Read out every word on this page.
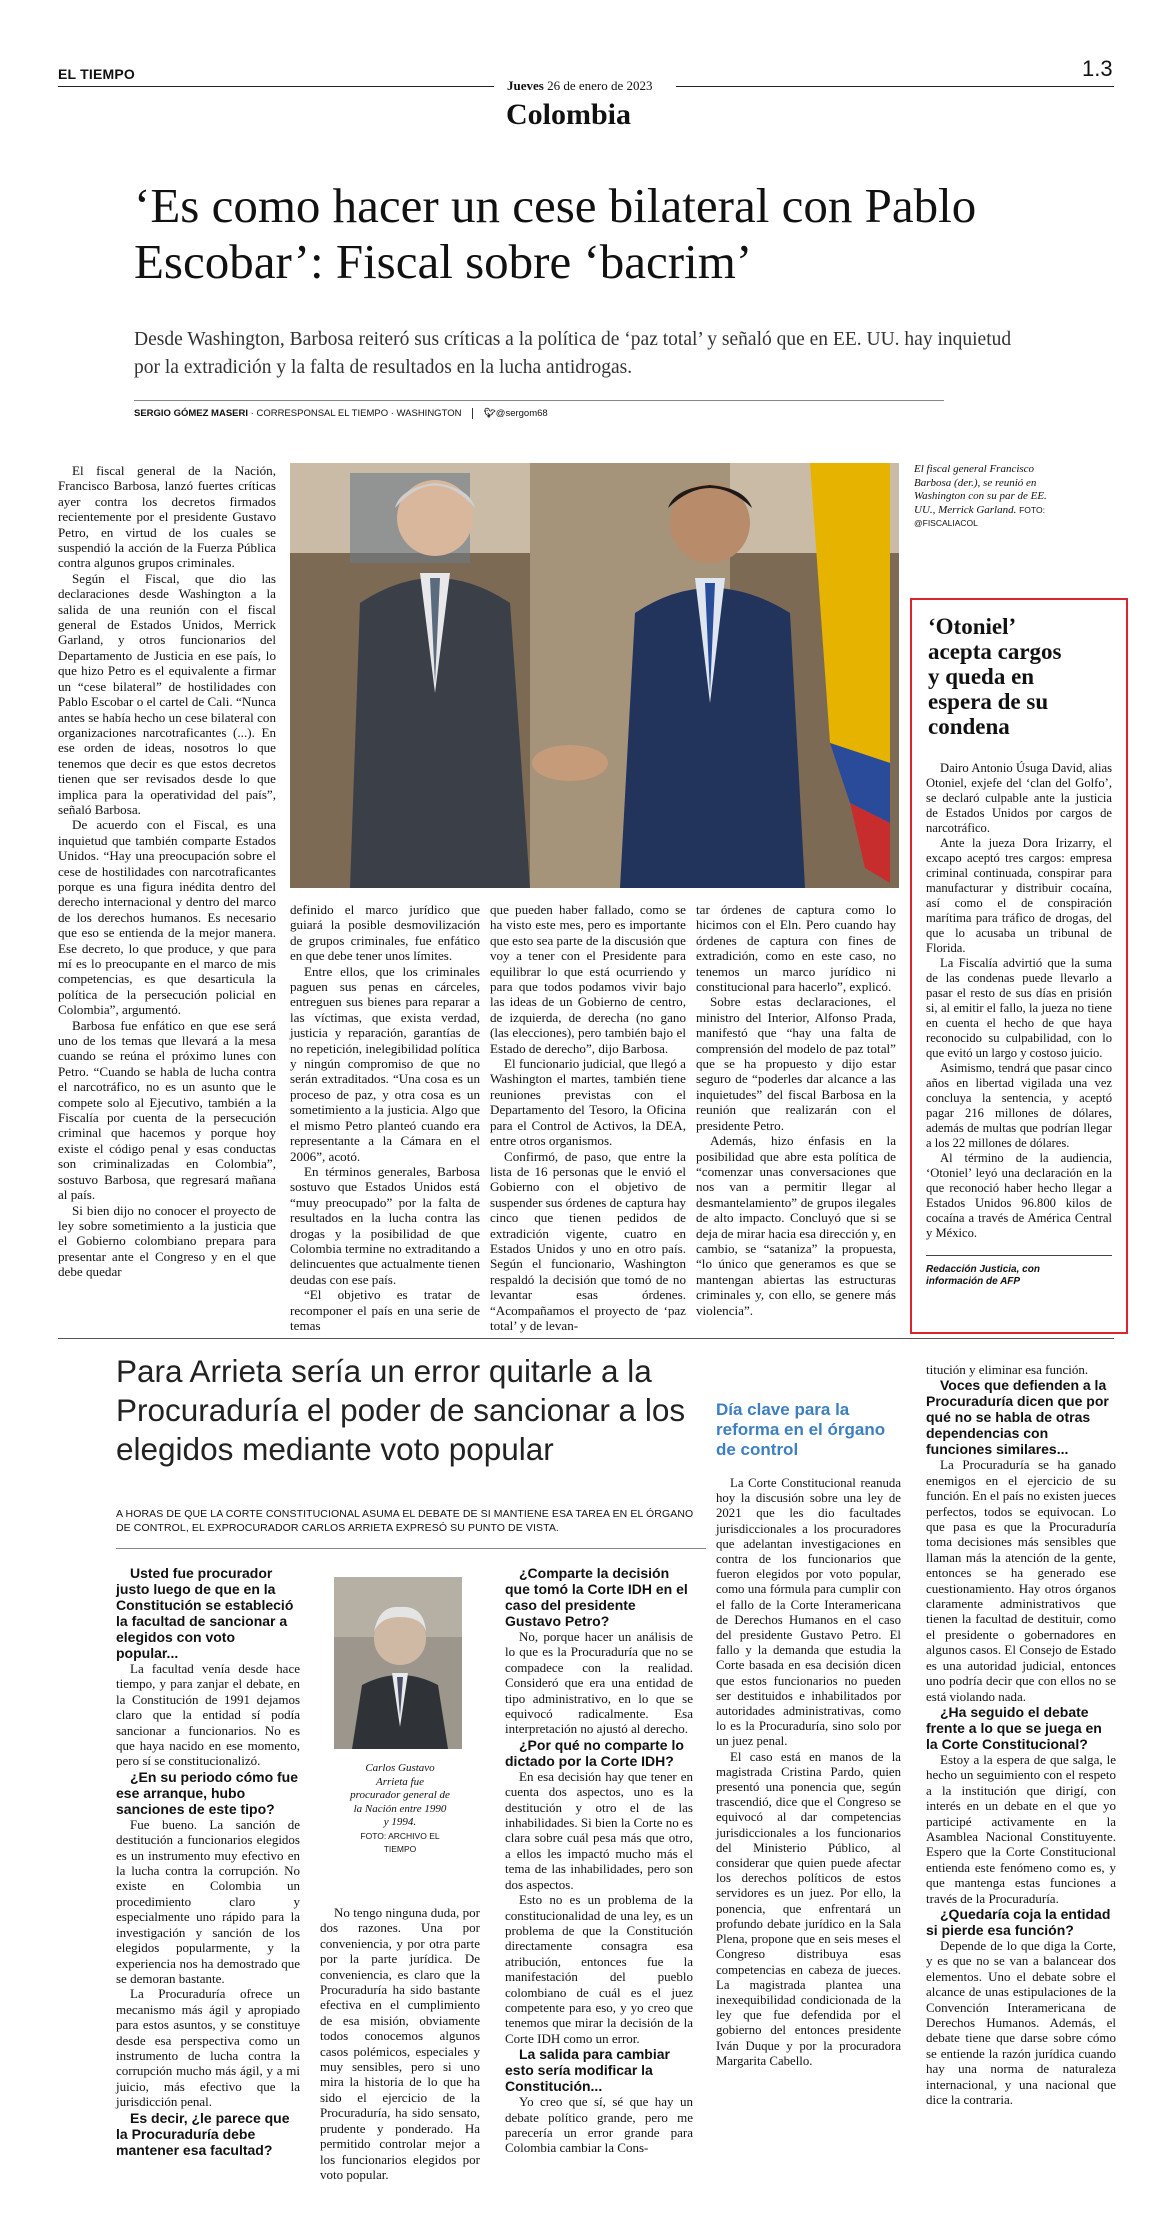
EL TIEMPO	1.3
Jueves 26 de enero de 2023
Colombia
‘Es como hacer un cese bilateral con Pablo Escobar’: Fiscal sobre ‘bacrim’
Desde Washington, Barbosa reiteró sus críticas a la política de ‘paz total’ y señaló que en EE. UU. hay inquietud por la extradición y la falta de resultados en la lucha antidrogas.
SERGIO GÓMEZ MASERI · CORRESPONSAL EL TIEMPO · WASHINGTON 🐦︎@sergom68
El fiscal general Francisco Barbosa (der.), se reunió en Washington con su par de EE. UU., Merrick Garland. FOTO: @FISCALIACOL

El fiscal general de la Nación, Francisco Barbosa, lanzó fuertes críticas ayer contra los decretos firmados recientemente por el presidente Gustavo Petro, en virtud de los cuales se suspendió la acción de la Fuerza Pública contra algunos grupos criminales.

Según el Fiscal, que dio las declaraciones desde Washington a la salida de una reunión con el fiscal general de Estados Unidos, Merrick Garland, y otros funcionarios del Departamento de Justicia en ese país, lo que hizo Petro es el equivalente a firmar un “cese bilateral” de hostilidades con Pablo Escobar o el cartel de Cali. “Nunca antes se había hecho un cese bilateral con organizaciones narcotraficantes (...). En ese orden de ideas, nosotros lo que tenemos que decir es que estos decretos tienen que ser revisados desde lo que implica para la operatividad del país”, señaló Barbosa.

De acuerdo con el Fiscal, es una inquietud que también comparte Estados Unidos. “Hay una preocupación sobre el cese de hostilidades con narcotraficantes porque es una figura inédita dentro del derecho internacional y dentro del marco de los derechos humanos. Es necesario que eso se entienda de la mejor manera. Ese decreto, lo que produce, y que para mí es lo preocupante en el marco de mis competencias, es que desarticula la política de la persecución policial en Colombia”, argumentó.

Barbosa fue enfático en que ese será uno de los temas que llevará a la mesa cuando se reúna el próximo lunes con Petro. “Cuando se habla de lucha contra el narcotráfico, no es un asunto que le compete solo al Ejecutivo, también a la Fiscalía por cuenta de la persecución criminal que hacemos y porque hoy existe el código penal y esas conductas son criminalizadas en Colombia”, sostuvo Barbosa, que regresará mañana al país.

Si bien dijo no conocer el proyecto de ley sobre sometimiento a la justicia que el Gobierno colombiano prepara para presentar ante el Congreso y en el que debe quedar

definido el marco jurídico que guiará la posible desmovilización de grupos criminales, fue enfático en que debe tener unos límites.

Entre ellos, que los criminales paguen sus penas en cárceles, entreguen sus bienes para reparar a las víctimas, que exista verdad, justicia y reparación, garantías de no repetición, inelegibilidad política y ningún compromiso de que no serán extraditados. “Una cosa es un proceso de paz, y otra cosa es un sometimiento a la justicia. Algo que el mismo Petro planteó cuando era representante a la Cámara en el 2006”, acotó.

En términos generales, Barbosa sostuvo que Estados Unidos está “muy preocupado” por la falta de resultados en la lucha contra las drogas y la posibilidad de que Colombia termine no extraditando a delincuentes que actualmente tienen deudas con ese país.

“El objetivo es tratar de recomponer el país en una serie de temas

que pueden haber fallado, como se ha visto este mes, pero es importante que esto sea parte de la discusión que voy a tener con el Presidente para equilibrar lo que está ocurriendo y para que todos podamos vivir bajo las ideas de un Gobierno de centro, de izquierda, de derecha (no gano (las elecciones), pero también bajo el Estado de derecho”, dijo Barbosa.

El funcionario judicial, que llegó a Washington el martes, también tiene reuniones previstas con el Departamento del Tesoro, la Oficina para el Control de Activos, la DEA, entre otros organismos.

Confirmó, de paso, que entre la lista de 16 personas que le envió el Gobierno con el objetivo de suspender sus órdenes de captura hay cinco que tienen pedidos de extradición vigente, cuatro en Estados Unidos y uno en otro país. Según el funcionario, Washington respaldó la decisión que tomó de no levantar esas órdenes. “Acompañamos el proyecto de ‘paz total’ y de levan-

tar órdenes de captura como lo hicimos con el Eln. Pero cuando hay órdenes de captura con fines de extradición, como en este caso, no tenemos un marco jurídico ni constitucional para hacerlo”, explicó.

Sobre estas declaraciones, el ministro del Interior, Alfonso Prada, manifestó que “hay una falta de comprensión del modelo de paz total” que se ha propuesto y dijo estar seguro de “poderles dar alcance a las inquietudes” del fiscal Barbosa en la reunión que realizarán con el presidente Petro.

Además, hizo énfasis en la posibilidad que abre esta política de “comenzar unas conversaciones que nos van a permitir llegar al desmantelamiento” de grupos ilegales de alto impacto. Concluyó que si se deja de mirar hacia esa dirección y, en cambio, se “sataniza” la propuesta, “lo único que generamos es que se mantengan abiertas las estructuras criminales y, con ello, se genere más violencia”.

‘Otoniel’ acepta cargos y queda en espera de su condena

Dairo Antonio Úsuga David, alias Otoniel, exjefe del ‘clan del Golfo’, se declaró culpable ante la justicia de Estados Unidos por cargos de narcotráfico.

Ante la jueza Dora Irizarry, el excapo aceptó tres cargos: empresa criminal continuada, conspirar para manufacturar y distribuir cocaína, así como el de conspiración marítima para tráfico de drogas, del que lo acusaba un tribunal de Florida.

La Fiscalía advirtió que la suma de las condenas puede llevarlo a pasar el resto de sus días en prisión si, al emitir el fallo, la jueza no tiene en cuenta el hecho de que haya reconocido su culpabilidad, con lo que evitó un largo y costoso juicio.

Asimismo, tendrá que pasar cinco años en libertad vigilada una vez concluya la sentencia, y aceptó pagar 216 millones de dólares, además de multas que podrían llegar a los 22 millones de dólares.

Al término de la audiencia, ‘Otoniel’ leyó una declaración en la que reconoció haber hecho llegar a Estados Unidos 96.800 kilos de cocaína a través de América Central y México.

Redacción Justicia, con información de AFP
Para Arrieta sería un error quitarle a la Procuraduría el poder de sancionar a los elegidos mediante voto popular
A HORAS DE QUE LA CORTE CONSTITUCIONAL ASUMA EL DEBATE DE SI MANTIENE ESA TAREA EN EL ÓRGANO DE CONTROL, EL EXPROCURADOR CARLOS ARRIETA EXPRESÓ SU PUNTO DE VISTA.

Usted fue procurador justo luego de que en la Constitución se estableció la facultad de sancionar a elegidos con voto popular...

La facultad venía desde hace tiempo, y para zanjar el debate, en la Constitución de 1991 dejamos claro que la entidad sí podía sancionar a funcionarios. No es que haya nacido en ese momento, pero sí se constitucionalizó.

¿En su periodo cómo fue ese arranque, hubo sanciones de este tipo?

Fue bueno. La sanción de destitución a funcionarios elegidos es un instrumento muy efectivo en la lucha contra la corrupción. No existe en Colombia un procedimiento claro y especialmente uno rápido para la investigación y sanción de los elegidos popularmente, y la experiencia nos ha demostrado que se demoran bastante.

La Procuraduría ofrece un mecanismo más ágil y apropiado para estos asuntos, y se constituye desde esa perspectiva como un instrumento de lucha contra la corrupción mucho más ágil, y a mi juicio, más efectivo que la jurisdicción penal.

Es decir, ¿le parece que la Procuraduría debe mantener esa facultad?

Carlos Gustavo Arrieta fue procurador general de la Nación entre 1990 y 1994.
FOTO: ARCHIVO EL TIEMPO

No tengo ninguna duda, por dos razones. Una por conveniencia, y por otra parte por la parte jurídica. De conveniencia, es claro que la Procuraduría ha sido bastante efectiva en el cumplimiento de esa misión, obviamente todos conocemos algunos casos polémicos, especiales y muy sensibles, pero si uno mira la historia de lo que ha sido el ejercicio de la Procuraduría, ha sido sensato, prudente y ponderado. Ha permitido controlar mejor a los funcionarios elegidos por voto popular.

¿Comparte la decisión que tomó la Corte IDH en el caso del presidente Gustavo Petro?

No, porque hacer un análisis de lo que es la Procuraduría que no se compadece con la realidad. Consideró que era una entidad de tipo administrativo, en lo que se equivocó radicalmente. Esa interpretación no ajustó al derecho.

¿Por qué no comparte lo dictado por la Corte IDH?

En esa decisión hay que tener en cuenta dos aspectos, uno es la destitución y otro el de las inhabilidades. Si bien la Corte no es clara sobre cuál pesa más que otro, a ellos les impactó mucho más el tema de las inhabilidades, pero son dos aspectos.

Esto no es un problema de la constitucionalidad de una ley, es un problema de que la Constitución directamente consagra esa atribución, entonces fue la manifestación del pueblo colombiano de cuál es el juez competente para eso, y yo creo que tenemos que mirar la decisión de la Corte IDH como un error.

La salida para cambiar esto sería modificar la Constitución...

Yo creo que sí, sé que hay un debate político grande, pero me parecería un error grande para Colombia cambiar la Cons-

Día clave para la reforma en el órgano de control

La Corte Constitucional reanuda hoy la discusión sobre una ley de 2021 que les dio facultades jurisdiccionales a los procuradores que adelantan investigaciones en contra de los funcionarios que fueron elegidos por voto popular, como una fórmula para cumplir con el fallo de la Corte Interamericana de Derechos Humanos en el caso del presidente Gustavo Petro. El fallo y la demanda que estudia la Corte basada en esa decisión dicen que estos funcionarios no pueden ser destituidos e inhabilitados por autoridades administrativas, como lo es la Procuraduría, sino solo por un juez penal.

El caso está en manos de la magistrada Cristina Pardo, quien presentó una ponencia que, según trascendió, dice que el Congreso se equivocó al dar competencias jurisdiccionales a los funcionarios del Ministerio Público, al considerar que quien puede afectar los derechos políticos de estos servidores es un juez. Por ello, la ponencia, que enfrentará un profundo debate jurídico en la Sala Plena, propone que en seis meses el Congreso distribuya esas competencias en cabeza de jueces. La magistrada plantea una inexequibilidad condicionada de la ley que fue defendida por el gobierno del entonces presidente Iván Duque y por la procuradora Margarita Cabello.

titución y eliminar esa función.

Voces que defienden a la Procuraduría dicen que por qué no se habla de otras dependencias con funciones similares...

La Procuraduría se ha ganado enemigos en el ejercicio de su función. En el país no existen jueces perfectos, todos se equivocan. Lo que pasa es que la Procuraduría toma decisiones más sensibles que llaman más la atención de la gente, entonces se ha generado ese cuestionamiento. Hay otros órganos claramente administrativos que tienen la facultad de destituir, como el presidente o gobernadores en algunos casos. El Consejo de Estado es una autoridad judicial, entonces uno podría decir que con ellos no se está violando nada.

¿Ha seguido el debate frente a lo que se juega en la Corte Constitucional?

Estoy a la espera de que salga, le hecho un seguimiento con el respeto a la institución que dirigí, con interés en un debate en el que yo participé activamente en la Asamblea Nacional Constituyente. Espero que la Corte Constitucional entienda este fenómeno como es, y que mantenga estas funciones a través de la Procuraduría.

¿Quedaría coja la entidad si pierde esa función?

Depende de lo que diga la Corte, y es que no se van a balancear dos elementos. Uno el debate sobre el alcance de unas estipulaciones de la Convención Interamericana de Derechos Humanos. Además, el debate tiene que darse sobre cómo se entiende la razón jurídica cuando hay una norma de naturaleza internacional, y una nacional que dice la contraria.
